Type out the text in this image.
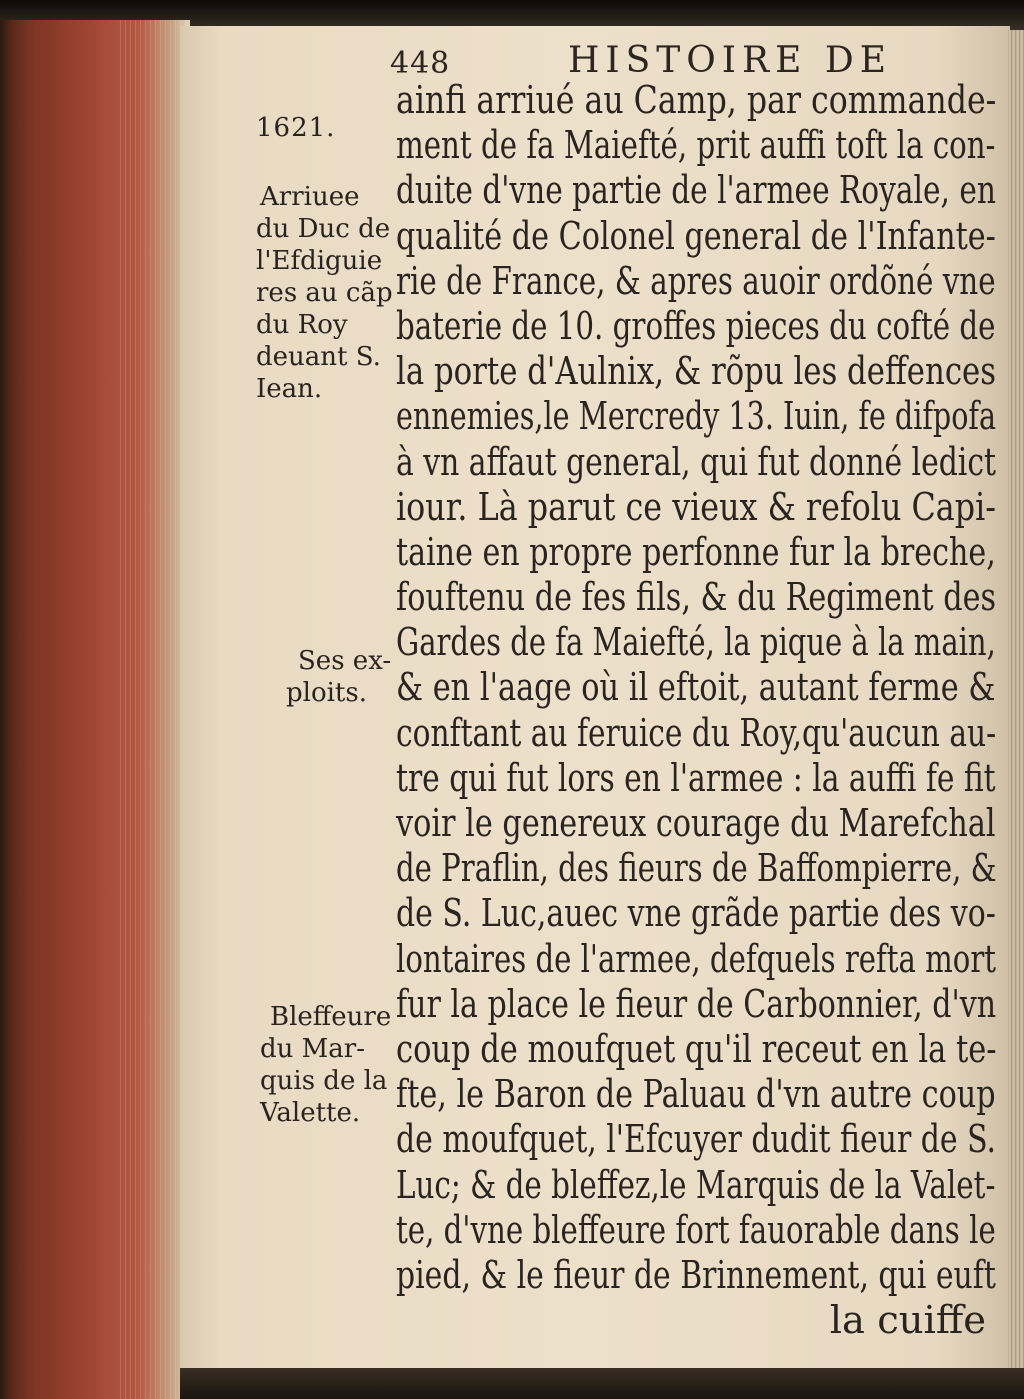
448	HISTOIRE DE
1621.
Arriuee
du Duc de
l'Efdiguie
res au cãp
du Roy
deuant S.
Iean.
Ses ex-
ploits.
Bleffeure
du Mar-
quis de la
Valette.
ainfi arriué au Camp, par commande-
ment de fa Maiefté, prit auffi toft la con-
duite d'vne partie de l'armee Royale, en
qualité de Colonel general de l'Infante-
rie de France, & apres auoir ordõné vne
baterie de 10. groffes pieces du cofté de
la porte d'Aulnix, & rõpu les deffences
ennemies,le Mercredy 13. Iuin, fe difpofa
à vn affaut general, qui fut donné ledict
iour. Là parut ce vieux & refolu Capi-
taine en propre perfonne fur la breche,
fouftenu de fes fils, & du Regiment des
Gardes de fa Maiefté, la pique à la main,
& en l'aage où il eftoit, autant ferme &
conftant au feruice du Roy,qu'aucun au-
tre qui fut lors en l'armee : la auffi fe fit
voir le genereux courage du Marefchal
de Praflin, des fieurs de Baffompierre, &
de S. Luc,auec vne grãde partie des vo-
lontaires de l'armee, defquels refta mort
fur la place le fieur de Carbonnier, d'vn
coup de moufquet qu'il receut en la te-
fte, le Baron de Paluau d'vn autre coup
de moufquet, l'Efcuyer dudit fieur de S.
Luc; & de bleffez,le Marquis de la Valet-
te, d'vne bleffeure fort fauorable dans le
pied, & le fieur de Brinnement, qui euft
la cuiffe
